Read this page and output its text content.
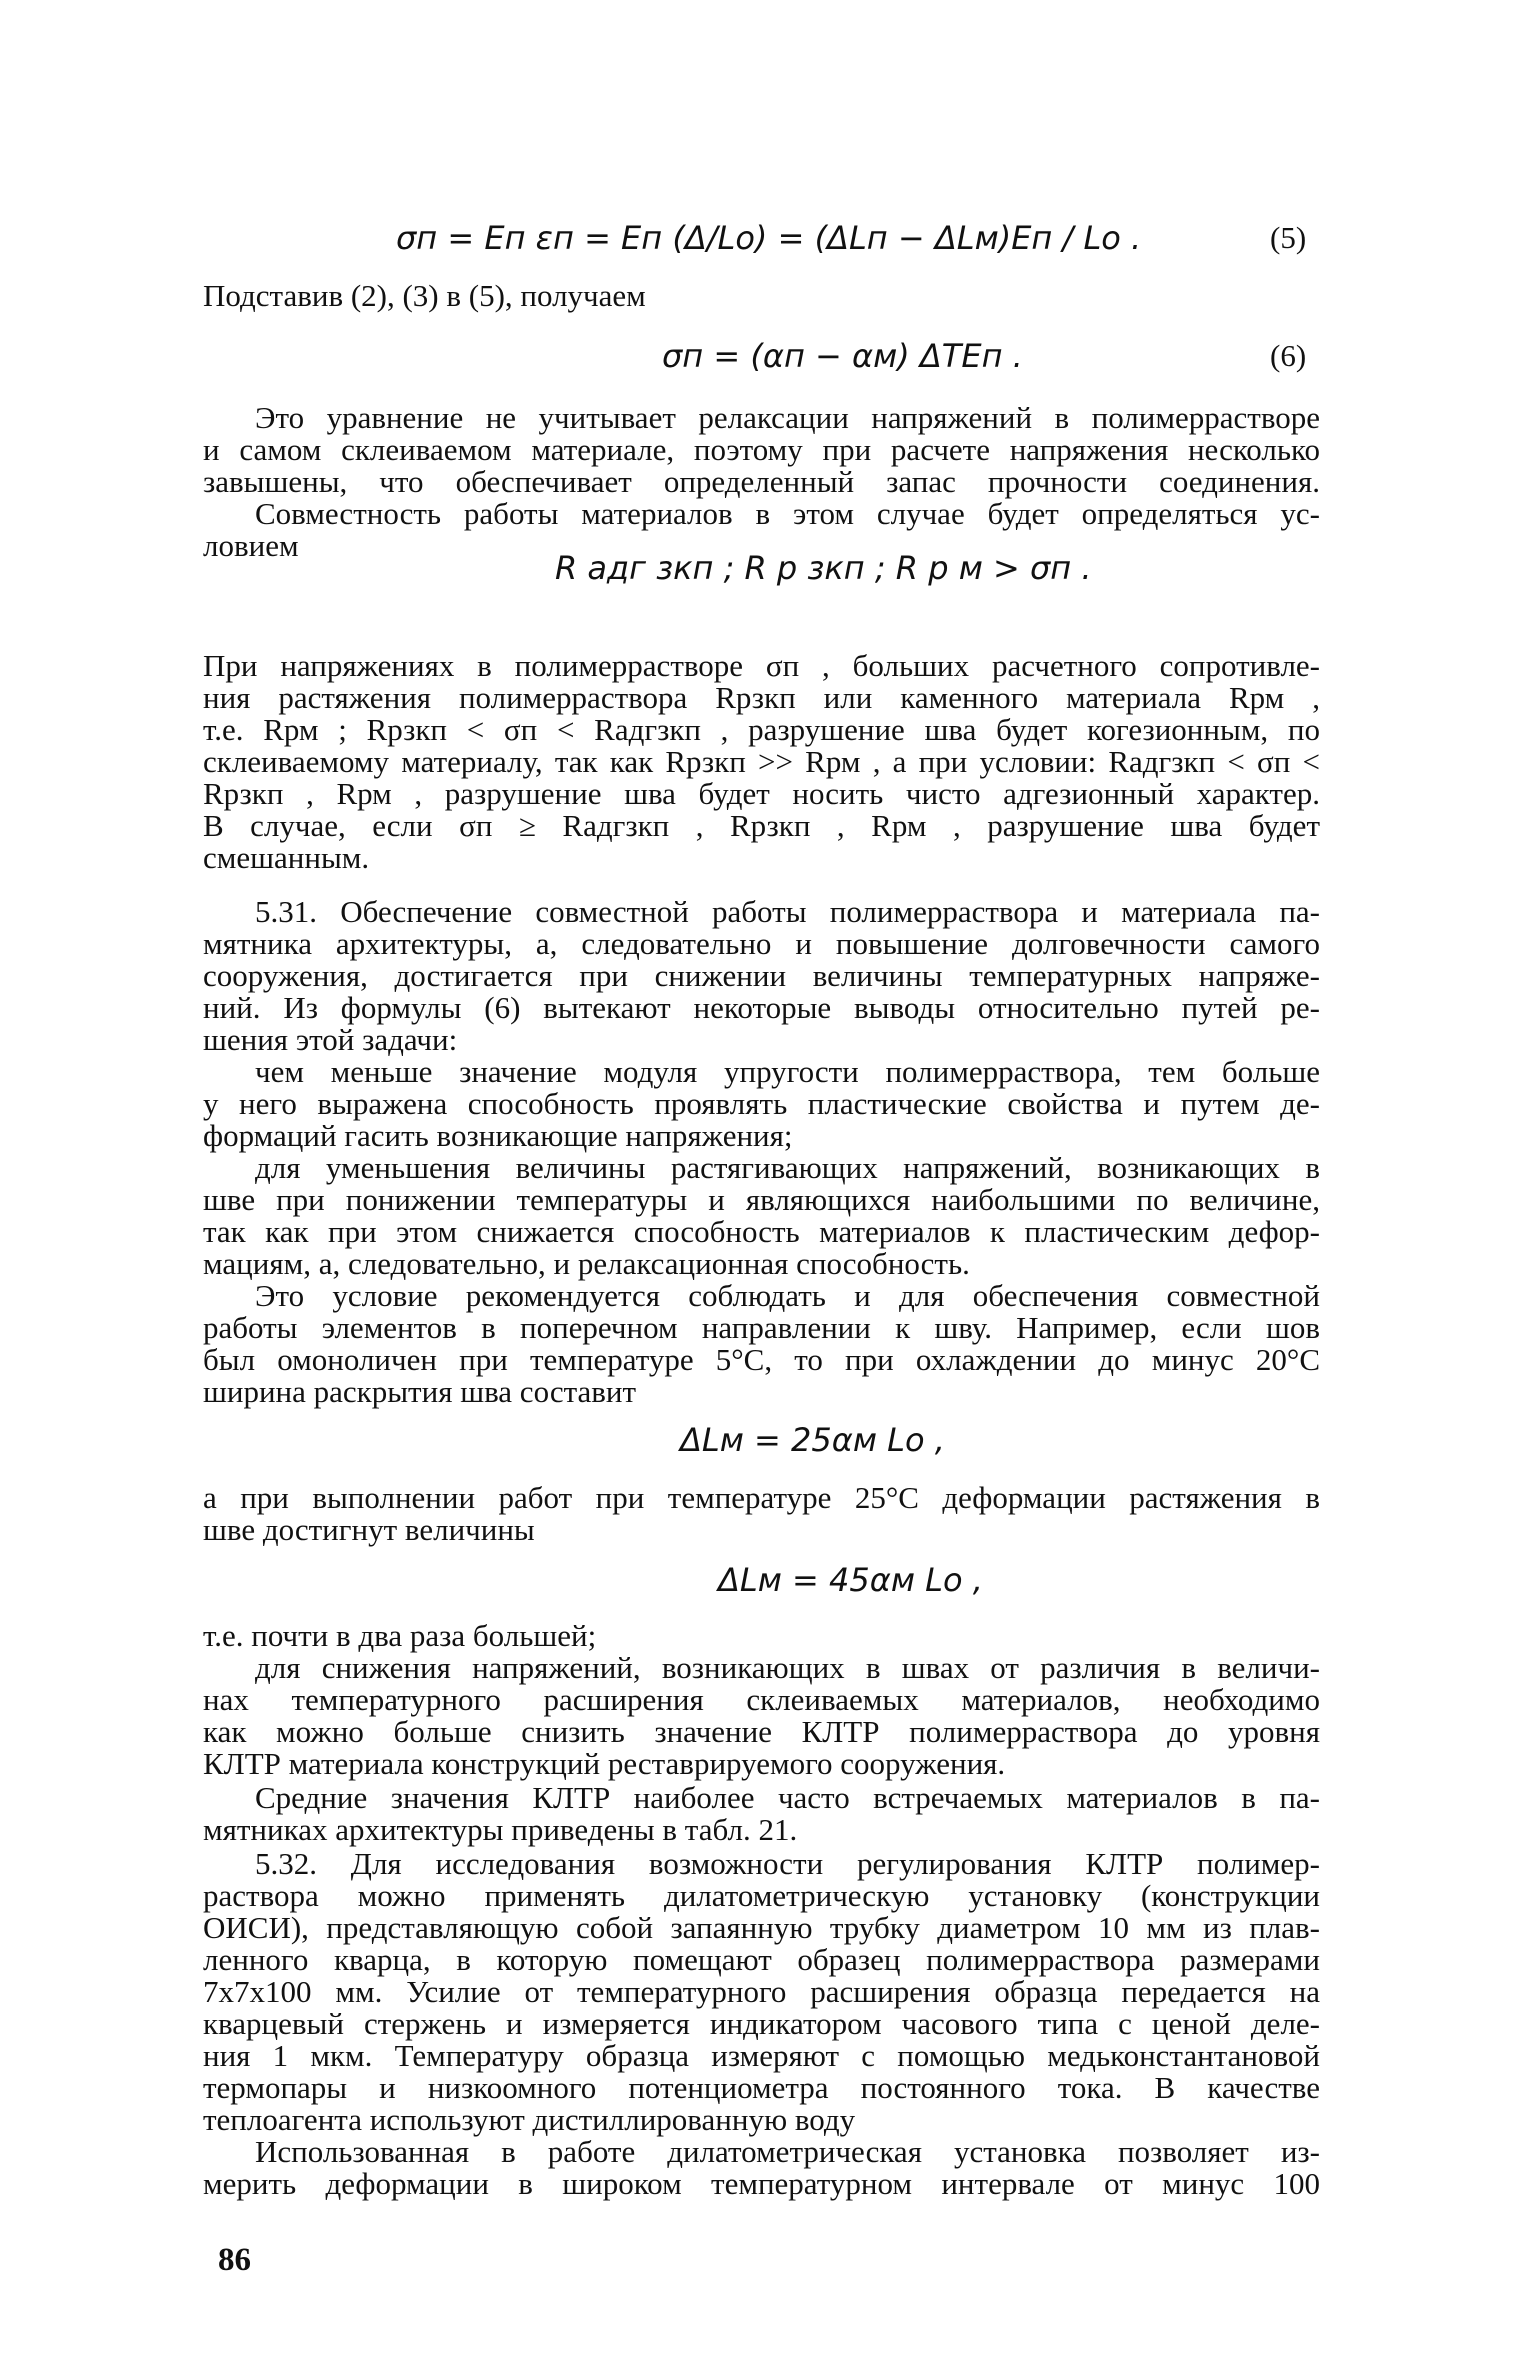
σп = Eп εп = Eп (Δ/Lo) = (ΔLп − ΔLм)Eп / Lo .	(5)
Подставив (2), (3) в (5), получаем
σп = (αп − αм) ΔTEп .	(6)
Это уравнение не учитывает релаксации напряжений в полимеррастворе
и самом склеиваемом материале, поэтому при расчете напряжения несколько
завышены, что обеспечивает определенный запас прочности соединения.
Совместность работы материалов в этом случае будет определяться ус-
ловием
R адг зкп ; R р зкп ; R р м > σп .
При напряжениях в полимеррастворе σп , больших расчетного сопротивле-
ния растяжения полимерраствора Rрзкп или каменного материала Rрм ,
т.е. Rрм ; Rрзкп < σп < Rадгзкп , разрушение шва будет когезионным, по
склеиваемому материалу, так как Rрзкп >> Rрм , а при условии: Rадгзкп < σп <
Rрзкп , Rрм , разрушение шва будет носить чисто адгезионный характер.
В случае, если σп ≥ Rадгзкп , Rрзкп , Rрм , разрушение шва будет
смешанным.
5.31. Обеспечение совместной работы полимерраствора и материала па-
мятника архитектуры, а, следовательно и повышение долговечности самого
сооружения, достигается при снижении величины температурных напряже-
ний. Из формулы (6) вытекают некоторые выводы относительно путей ре-
шения этой задачи:
чем меньше значение модуля упругости полимерраствора, тем больше
у него выражена способность проявлять пластические свойства и путем де-
формаций гасить возникающие напряжения;
для уменьшения величины растягивающих напряжений, возникающих в
шве при понижении температуры и являющихся наибольшими по величине,
так как при этом снижается способность материалов к пластическим дефор-
мациям, а, следовательно, и релаксационная способность.
Это условие рекомендуется соблюдать и для обеспечения совместной
работы элементов в поперечном направлении к шву. Например, если шов
был омоноличен при температуре 5°С, то при охлаждении до минус 20°С
ширина раскрытия шва составит
ΔLм = 25αм Lo ,
а при выполнении работ при температуре 25°С деформации растяжения в
шве достигнут величины
ΔLм = 45αм Lo ,
т.е. почти в два раза большей;
для снижения напряжений, возникающих в швах от различия в величи-
нах температурного расширения склеиваемых материалов, необходимо
как можно больше снизить значение КЛТР полимерраствора до уровня
КЛТР материала конструкций реставрируемого сооружения.
Средние значения КЛТР наиболее часто встречаемых материалов в па-
мятниках архитектуры приведены в табл. 21.
5.32. Для исследования возможности регулирования КЛТР полимер-
раствора можно применять дилатометрическую установку (конструкции
ОИСИ), представляющую собой запаянную трубку диаметром 10 мм из плав-
ленного кварца, в которую помещают образец полимерраствора размерами
7х7х100 мм. Усилие от температурного расширения образца передается на
кварцевый стержень и измеряется индикатором часового типа с ценой деле-
ния 1 мкм. Температуру образца измеряют с помощью медьконстантановой
термопары и низкоомного потенциометра постоянного тока. В качестве
теплоагента используют дистиллированную воду
Использованная в работе дилатометрическая установка позволяет из-
мерить деформации в широком температурном интервале от минус 100
86
